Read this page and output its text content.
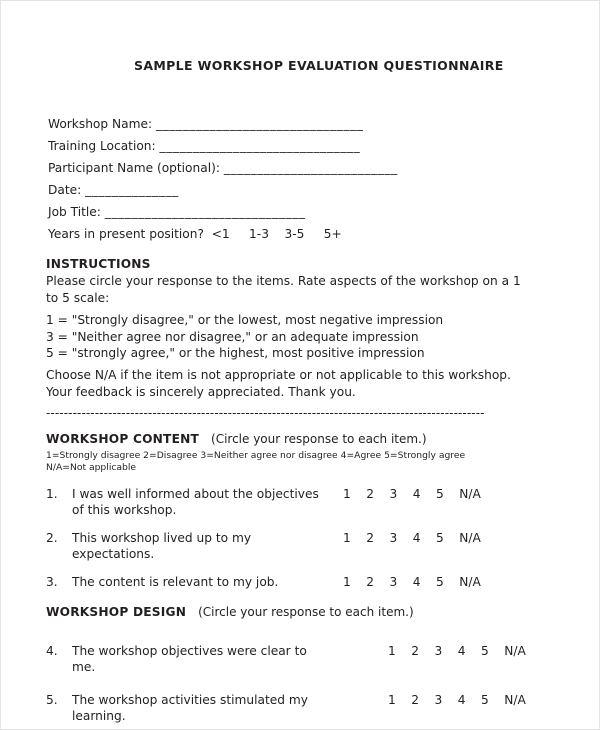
SAMPLE WORKSHOP EVALUATION QUESTIONNAIRE
Workshop Name: _______________________________
Training Location: ______________________________
Participant Name (optional): __________________________
Date: ______________
Job Title: ______________________________
Years in present position?  <1     1-3    3-5     5+
INSTRUCTIONS
Please circle your response to the items. Rate aspects of the workshop on a 1 to 5 scale:
1 = "Strongly disagree," or the lowest, most negative impression
3 = "Neither agree nor disagree," or an adequate impression
5 = "strongly agree," or the highest, most positive impression
Choose N/A if the item is not appropriate or not applicable to this workshop. Your feedback is sincerely appreciated. Thank you.
---------------------------------------------------------------------------------------------------
WORKSHOP CONTENT (Circle your response to each item.)
1=Strongly disagree 2=Disagree 3=Neither agree nor disagree 4=Agree 5=Strongly agree
N/A=Not applicable
1.	I was well informed about the objectives of this workshop.
1    2    3    4    5    N/A
2.	This workshop lived up to my expectations.
1    2    3    4    5    N/A
3.	The content is relevant to my job.	1    2    3    4    5    N/A
WORKSHOP DESIGN (Circle your response to each item.)
4.	The workshop objectives were clear to me.
1    2    3    4    5    N/A
5.	The workshop activities stimulated my learning.
1    2    3    4    5    N/A
